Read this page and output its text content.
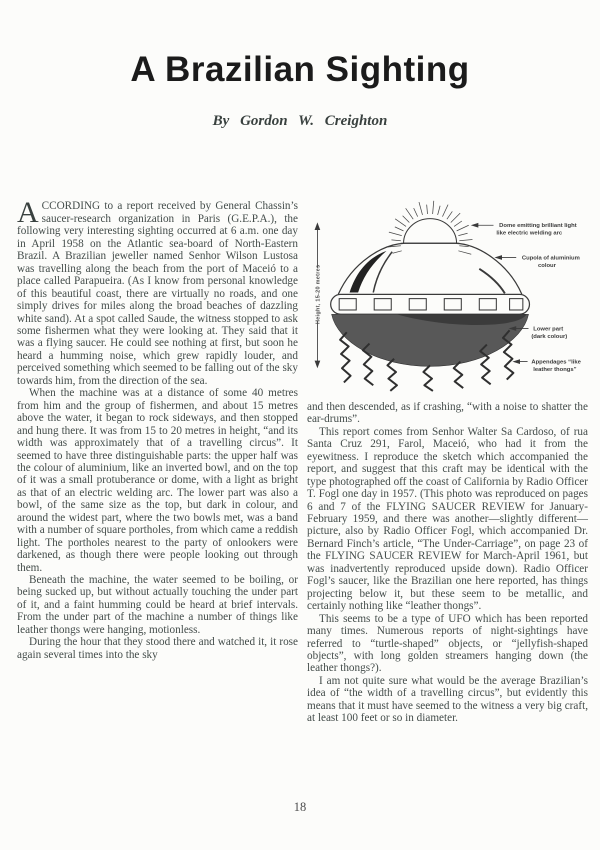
A Brazilian Sighting
By Gordon W. Creighton

ACCORDING to a report received by General Chassin’s saucer-research organization in Paris (G.E.P.A.), the following very interesting sighting occurred at 6 a.m. one day in April 1958 on the Atlantic sea-board of North-Eastern Brazil. A Brazilian jeweller named Senhor Wilson Lustosa was travelling along the beach from the port of Maceió to a place called Parapueira. (As I know from personal knowledge of this beautiful coast, there are virtually no roads, and one simply drives for miles along the broad beaches of dazzling white sand). At a spot called Saude, the witness stopped to ask some fishermen what they were looking at. They said that it was a flying saucer. He could see nothing at first, but soon he heard a humming noise, which grew rapidly louder, and perceived something which seemed to be falling out of the sky towards him, from the direction of the sea.

When the machine was at a distance of some 40 metres from him and the group of fishermen, and about 15 metres above the water, it began to rock sideways, and then stopped and hung there. It was from 15 to 20 metres in height, “and its width was approximately that of a travelling circus”. It seemed to have three distinguishable parts: the upper half was the colour of aluminium, like an inverted bowl, and on the top of it was a small protuberance or dome, with a light as bright as that of an electric welding arc. The lower part was also a bowl, of the same size as the top, but dark in colour, and around the widest part, where the two bowls met, was a band with a number of square portholes, from which came a reddish light. The portholes nearest to the party of onlookers were darkened, as though there were people looking out through them.

Beneath the machine, the water seemed to be boiling, or being sucked up, but without actually touching the under part of it, and a faint humming could be heard at brief intervals. From the under part of the machine a number of things like leather thongs were hanging, motionless.

During the hour that they stood there and watched it, it rose again several times into the sky

Height, 15-20 metres
Dome emitting brilliant light
like electric welding arc
Cupola of aluminium
colour
Lower part
(dark colour)
Appendages “like
leather thongs”

and then descended, as if crashing, “with a noise to shatter the ear-drums”.

This report comes from Senhor Walter Sa Cardoso, of rua Santa Cruz 291, Farol, Maceió, who had it from the eyewitness. I reproduce the sketch which accompanied the report, and suggest that this craft may be identical with the type photographed off the coast of California by Radio Officer T. Fogl one day in 1957. (This photo was reproduced on pages 6 and 7 of the FLYING SAUCER REVIEW for January-February 1959, and there was another—slightly different—picture, also by Radio Officer Fogl, which accompanied Dr. Bernard Finch’s article, “The Under-Carriage”, on page 23 of the FLYING SAUCER REVIEW for March-April 1961, but was inadvertently reproduced upside down). Radio Officer Fogl’s saucer, like the Brazilian one here reported, has things projecting below it, but these seem to be metallic, and certainly nothing like “leather thongs”.

This seems to be a type of UFO which has been reported many times. Numerous reports of night-sightings have referred to “turtle-shaped” objects, or “jellyfish-shaped objects”, with long golden streamers hanging down (the leather thongs?).

I am not quite sure what would be the average Brazilian’s idea of “the width of a travelling circus”, but evidently this means that it must have seemed to the witness a very big craft, at least 100 feet or so in diameter.

18
